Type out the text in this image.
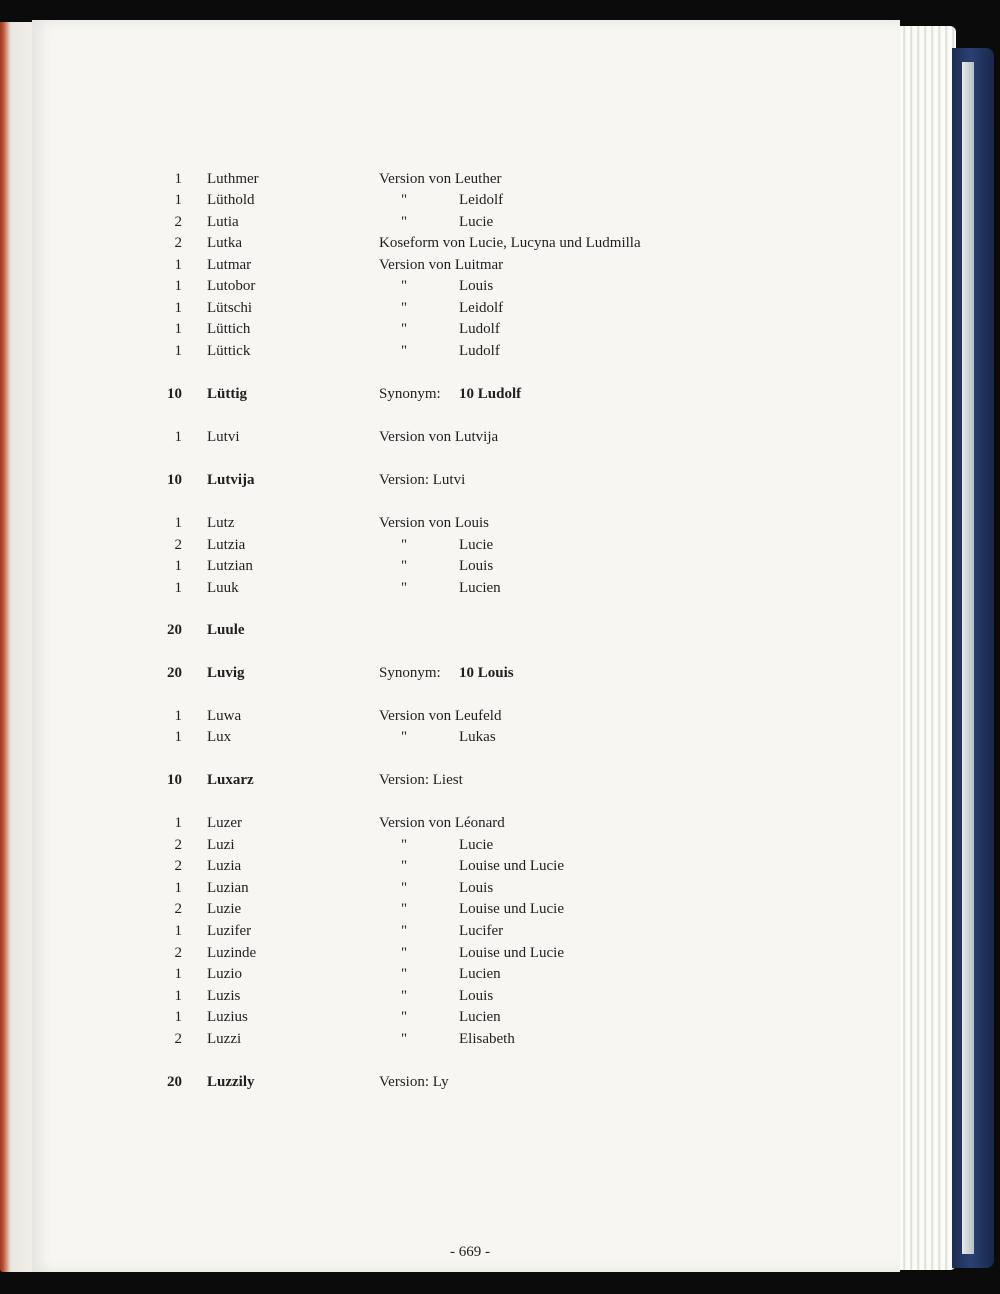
1 Luthmer	Version von Leuther
1 Lüthold	"	Leidolf
2 Lutia	"	Lucie
2 Lutka	Koseform von Lucie, Lucyna und Ludmilla
1 Lutmar	Version von Luitmar
1 Lutobor	"	Louis
1 Lütschi	"	Leidolf
1 Lüttich	"	Ludolf
1 Lüttick	"	Ludolf
10 Lüttig	Synonym: 10 Ludolf
1 Lutvi	Version von Lutvija
10 Lutvija	Version: Lutvi
1 Lutz	Version von Louis
2 Lutzia	"	Lucie
1 Lutzian	"	Louis
1 Luuk	"	Lucien
20 Luule
20 Luvig	Synonym: 10 Louis
1 Luwa	Version von Leufeld
1 Lux	"	Lukas
10 Luxarz	Version: Liest
1 Luzer	Version von Léonard
2 Luzi	"	Lucie
2 Luzia	"	Louise und Lucie
1 Luzian	"	Louis
2 Luzie	"	Louise und Lucie
1 Luzifer	"	Lucifer
2 Luzinde	"	Louise und Lucie
1 Luzio	"	Lucien
1 Luzis	"	Louis
1 Luzius	"	Lucien
2 Luzzi	"	Elisabeth
20 Luzzily	Version: Ly
- 669 -
